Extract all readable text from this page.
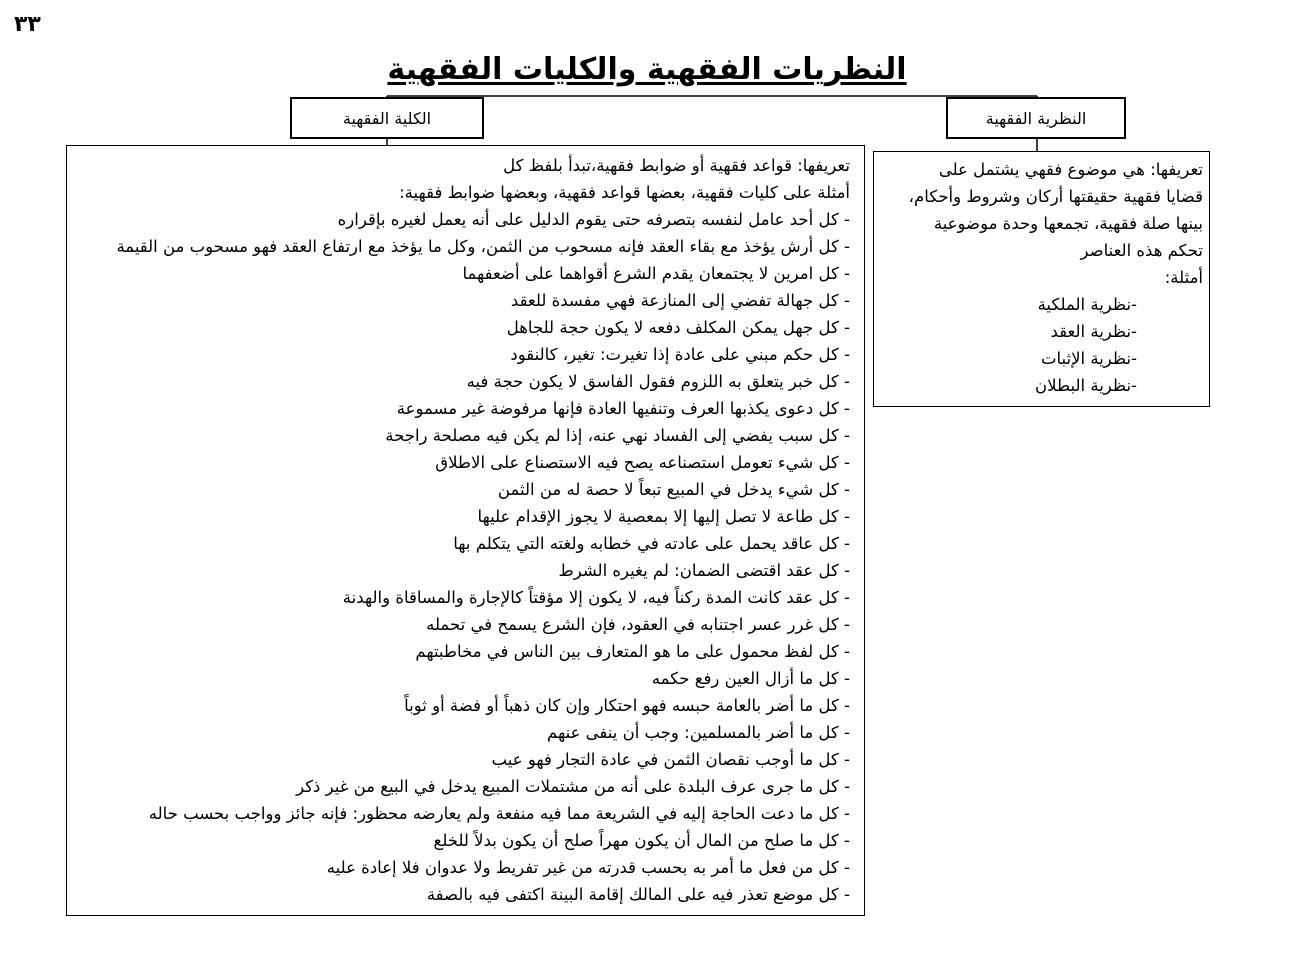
٣٣
النظريات الفقهية والكليات الفقهية
الكلية الفقهية	النظرية الفقهية
تعريفها: قواعد فقهية أو ضوابط فقهية،تبدأ بلفظ كل
أمثلة على كليات فقهية، بعضها قواعد فقهية، وبعضها ضوابط فقهية:
- كل أحد عامل لنفسه بتصرفه حتى يقوم الدليل على أنه يعمل لغيره بإقراره
- كل أرش يؤخذ مع بقاء العقد فإنه مسحوب من الثمن، وكل ما يؤخذ مع ارتفاع العقد فهو مسحوب من القيمة
- كل امرين لا يجتمعان يقدم الشرع أقواهما على أضعفهما
- كل جهالة تفضي إلى المنازعة فهي مفسدة للعقد
- كل جهل يمكن المكلف دفعه لا يكون حجة للجاهل
- كل حكم مبني على عادة إذا تغيرت: تغير، كالنقود
- كل خبر يتعلق به اللزوم فقول الفاسق لا يكون حجة فيه
- كل دعوى يكذبها العرف وتنفيها العادة فإنها مرفوضة غير مسموعة
- كل سبب يفضي إلى الفساد نهي عنه، إذا لم يكن فيه مصلحة راجحة
- كل شيء تعومل استصناعه يصح فيه الاستصناع على الاطلاق
- كل شيء يدخل في المبيع تبعاً لا حصة له من الثمن
- كل طاعة لا تصل إليها إلا بمعصية لا يجوز الإقدام عليها
- كل عاقد يحمل على عادته في خطابه ولغته التي يتكلم بها
- كل عقد اقتضى الضمان: لم يغيره الشرط
- كل عقد كانت المدة ركناً فيه، لا يكون إلا مؤقتاً كالإجارة والمساقاة والهدنة
- كل غرر عسر اجتنابه في العقود، فإن الشرع يسمح في تحمله
- كل لفظ محمول على ما هو المتعارف بين الناس في مخاطبتهم
- كل ما أزال العين رفع حكمه
- كل ما أضر بالعامة حبسه فهو احتكار وإن كان ذهباً أو فضة أو ثوباً
- كل ما أضر بالمسلمين: وجب أن ينفى عنهم
- كل ما أوجب نقصان الثمن في عادة التجار فهو عيب
- كل ما جرى عرف البلدة على أنه من مشتملات المبيع يدخل في البيع من غير ذكر
- كل ما دعت الحاجة إليه في الشريعة مما فيه منفعة ولم يعارضه محظور: فإنه جائز وواجب بحسب حاله
- كل ما صلح من المال أن يكون مهراً صلح أن يكون بدلاً للخلع
- كل من فعل ما أمر به بحسب قدرته من غير تفريط ولا عدوان فلا إعادة عليه
- كل موضع تعذر فيه على المالك إقامة البينة اكتفى فيه بالصفة
تعريفها: هي موضوع فقهي يشتمل على
قضايا فقهية حقيقتها أركان وشروط وأحكام،
بينها صلة فقهية، تجمعها وحدة موضوعية
تحكم هذه العناصر
أمثلة:
-نظرية الملكية
-نظرية العقد
-نظرية الإثبات
-نظرية البطلان
